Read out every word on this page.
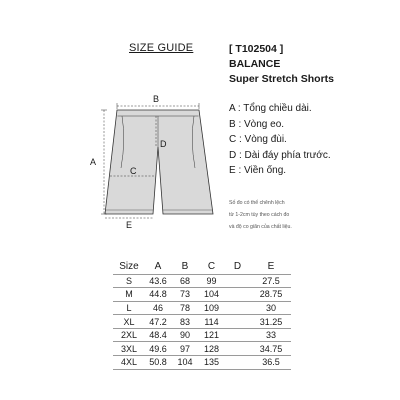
SIZE GUIDE	[ T102504 ]
BALANCE
Super Stretch Shorts
B
A
D
C
E
A : Tổng chiều dài.
B : Vòng eo.
C : Vòng đùi.
D : Dài đáy phía trước.
E : Viền ống.
Số đo có thể chênh lệch
từ 1-2cm tùy theo cách đo
và độ co giãn của chất liệu.
Size	A	B	C	D	E
S	43.6	68	99		27.5
M	44.8	73	104		28.75
L	46	78	109		30
XL	47.2	83	114		31.25
2XL	48.4	90	121		33
3XL	49.6	97	128		34.75
4XL	50.8	104	135		36.5
